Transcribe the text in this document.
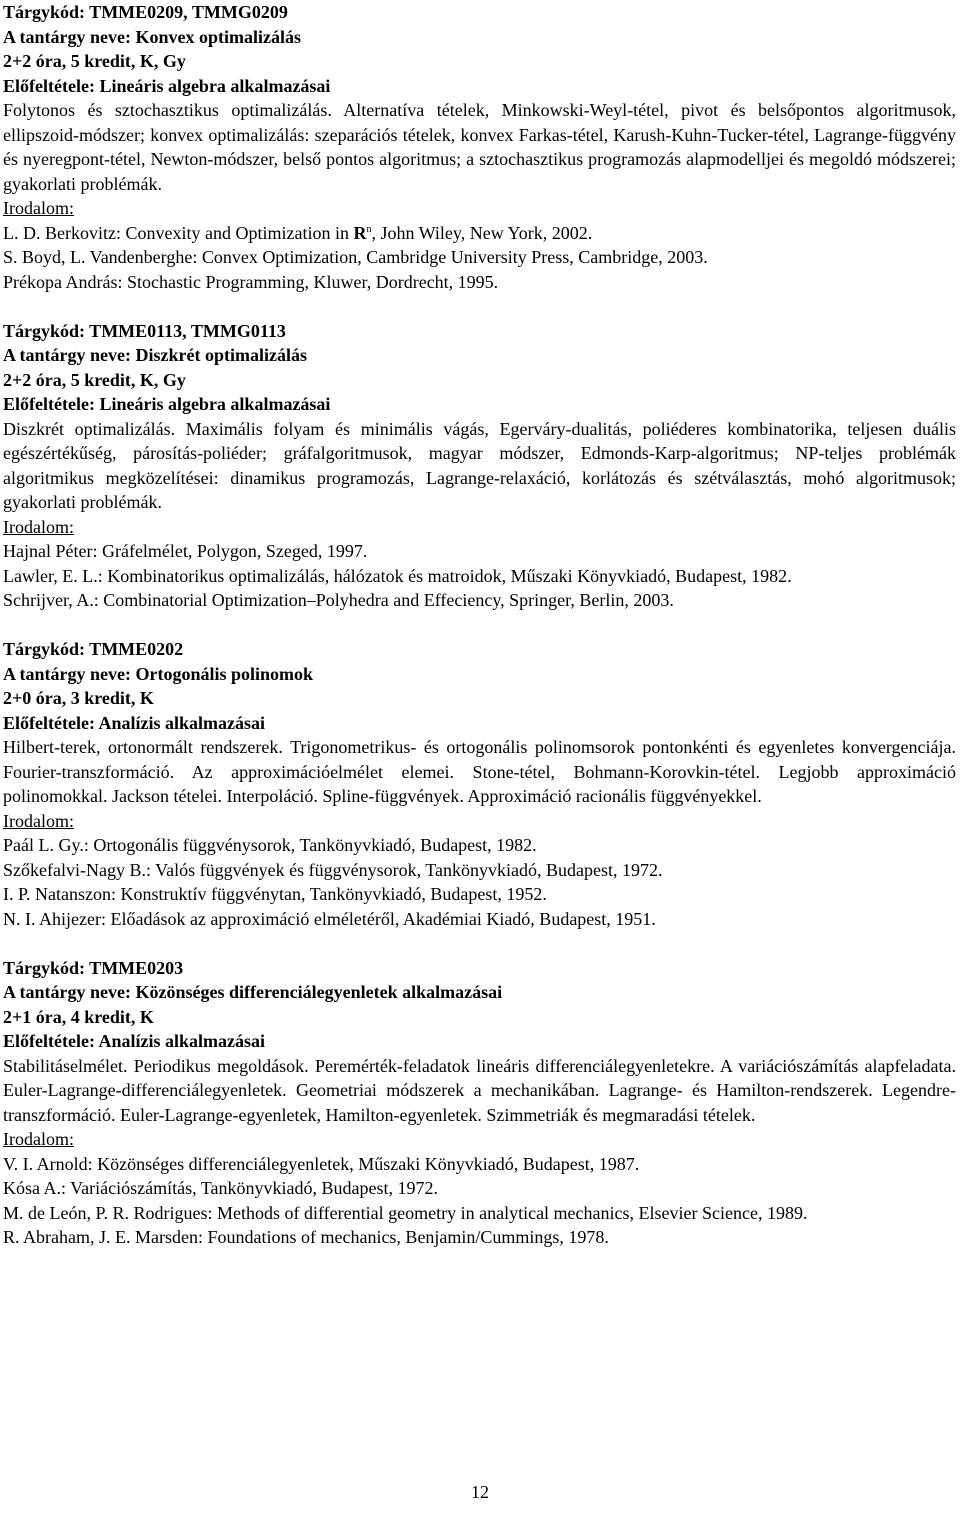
Tárgykód: TMME0209, TMMG0209

A tantárgy neve: Konvex optimalizálás

2+2 óra, 5 kredit, K, Gy

Előfeltétele: Lineáris algebra alkalmazásai

Folytonos és sztochasztikus optimalizálás. Alternatíva tételek, Minkowski-Weyl-tétel, pivot és belsőpontos algoritmusok, ellipszoid-módszer; konvex optimalizálás: szeparációs tételek, konvex Farkas-tétel, Karush-Kuhn-Tucker-tétel, Lagrange-függvény és nyeregpont-tétel, Newton-módszer, belső pontos algoritmus; a sztochasztikus programozás alapmodelljei és megoldó módszerei; gyakorlati problémák.

Irodalom:

L. D. Berkovitz: Convexity and Optimization in $R^n$, John Wiley, New York, 2002.

S. Boyd, L. Vandenberghe: Convex Optimization, Cambridge University Press, Cambridge, 2003.

Prékopa András: Stochastic Programming, Kluwer, Dordrecht, 1995.

Tárgykód: TMME0113, TMMG0113

A tantárgy neve: Diszkrét optimalizálás

2+2 óra, 5 kredit, K, Gy

Előfeltétele: Lineáris algebra alkalmazásai

Diszkrét optimalizálás. Maximális folyam és minimális vágás, Egerváry-dualitás, poliéderes kombinatorika, teljesen duális egészértékűség, párosítás-poliéder; gráfalgoritmusok, magyar módszer, Edmonds-Karp-algoritmus; NP-teljes problémák algoritmikus megközelítései: dinamikus programozás, Lagrange-relaxáció, korlátozás és szétválasztás, mohó algoritmusok; gyakorlati problémák.

Irodalom:

Hajnal Péter: Gráfelmélet, Polygon, Szeged, 1997.

Lawler, E. L.: Kombinatorikus optimalizálás, hálózatok és matroidok, Műszaki Könyvkiadó, Budapest, 1982.

Schrijver, A.: Combinatorial Optimization–Polyhedra and Effeciency, Springer, Berlin, 2003.

Tárgykód: TMME0202

A tantárgy neve: Ortogonális polinomok

2+0 óra, 3 kredit, K

Előfeltétele: Analízis alkalmazásai

Hilbert-terek, ortonormált rendszerek. Trigonometrikus- és ortogonális polinomsorok pontonkénti és egyenletes konvergenciája. Fourier-transzformáció. Az approximációelmélet elemei. Stone-tétel, Bohmann-Korovkin-tétel. Legjobb approximáció polinomokkal. Jackson tételei. Interpoláció. Spline-függvények. Approximáció racionális függvényekkel.

Irodalom:

Paál L. Gy.: Ortogonális függvénysorok, Tankönyvkiadó, Budapest, 1982.

Szőkefalvi-Nagy B.: Valós függvények és függvénysorok, Tankönyvkiadó, Budapest, 1972.

I. P. Natanszon: Konstruktív függvénytan, Tankönyvkiadó, Budapest, 1952.

N. I. Ahijezer: Előadások az approximáció elméletéről, Akadémiai Kiadó, Budapest, 1951.

Tárgykód: TMME0203

A tantárgy neve: Közönséges differenciálegyenletek alkalmazásai

2+1 óra, 4 kredit, K

Előfeltétele: Analízis alkalmazásai

Stabilitáselmélet. Periodikus megoldások. Peremérték-feladatok lineáris differenciálegyenletekre. A variációszámítás alapfeladata. Euler-Lagrange-differenciálegyenletek. Geometriai módszerek a mechanikában. Lagrange- és Hamilton-rendszerek. Legendre-transzformáció. Euler-Lagrange-egyenletek, Hamilton-egyenletek. Szimmetriák és megmaradási tételek.

Irodalom:

V. I. Arnold: Közönséges differenciálegyenletek, Műszaki Könyvkiadó, Budapest, 1987.

Kósa A.: Variációszámítás, Tankönyvkiadó, Budapest, 1972.

M. de León, P. R. Rodrigues: Methods of differential geometry in analytical mechanics, Elsevier Science, 1989.

R. Abraham, J. E. Marsden: Foundations of mechanics, Benjamin/Cummings, 1978.

12
